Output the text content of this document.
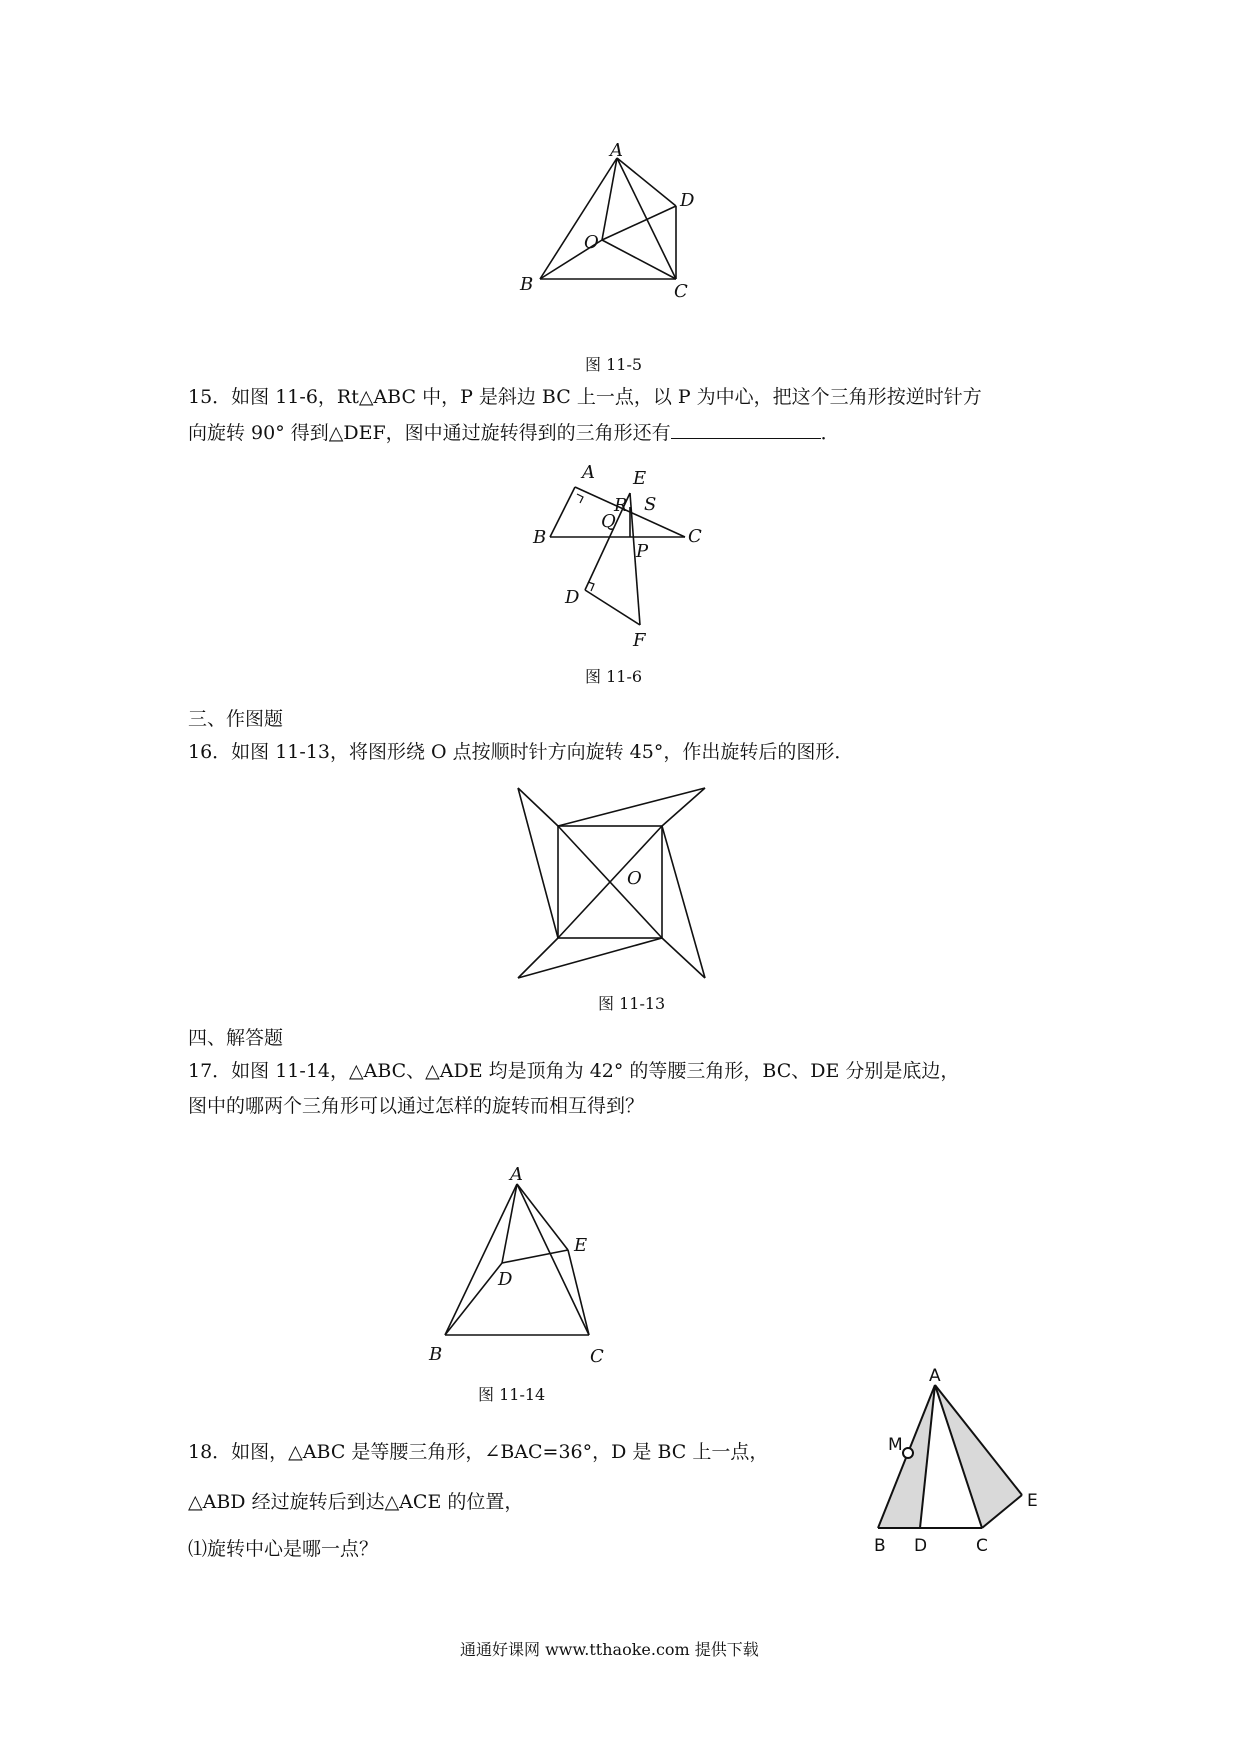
A
D
O
B	C
图 11-5
15．如图 11-6，Rt△ABC 中，P 是斜边 BC 上一点，以 P 为中心，把这个三角形按逆时针方
向旋转 90° 得到△DEF，图中通过旋转得到的三角形还有	．
A E
S
R
Q
B	C
P
D
F
图 11-6
三、作图题
16．如图 11-13，将图形绕 O 点按顺时针方向旋转 45°，作出旋转后的图形．
O
图 11-13
四、解答题
17．如图 11-14，△ABC、△ADE 均是顶角为 42° 的等腰三角形，BC、DE 分别是底边，
图中的哪两个三角形可以通过怎样的旋转而相互得到？
A
E
D
B	C
图 11-14
18．如图，△ABC 是等腰三角形，∠BAC=36°，D 是 BC 上一点，
△ABD 经过旋转后到达△ACE 的位置，
⑴旋转中心是哪一点？
A
M
E
B D	C
通通好课网 www.tthaoke.com 提供下载
